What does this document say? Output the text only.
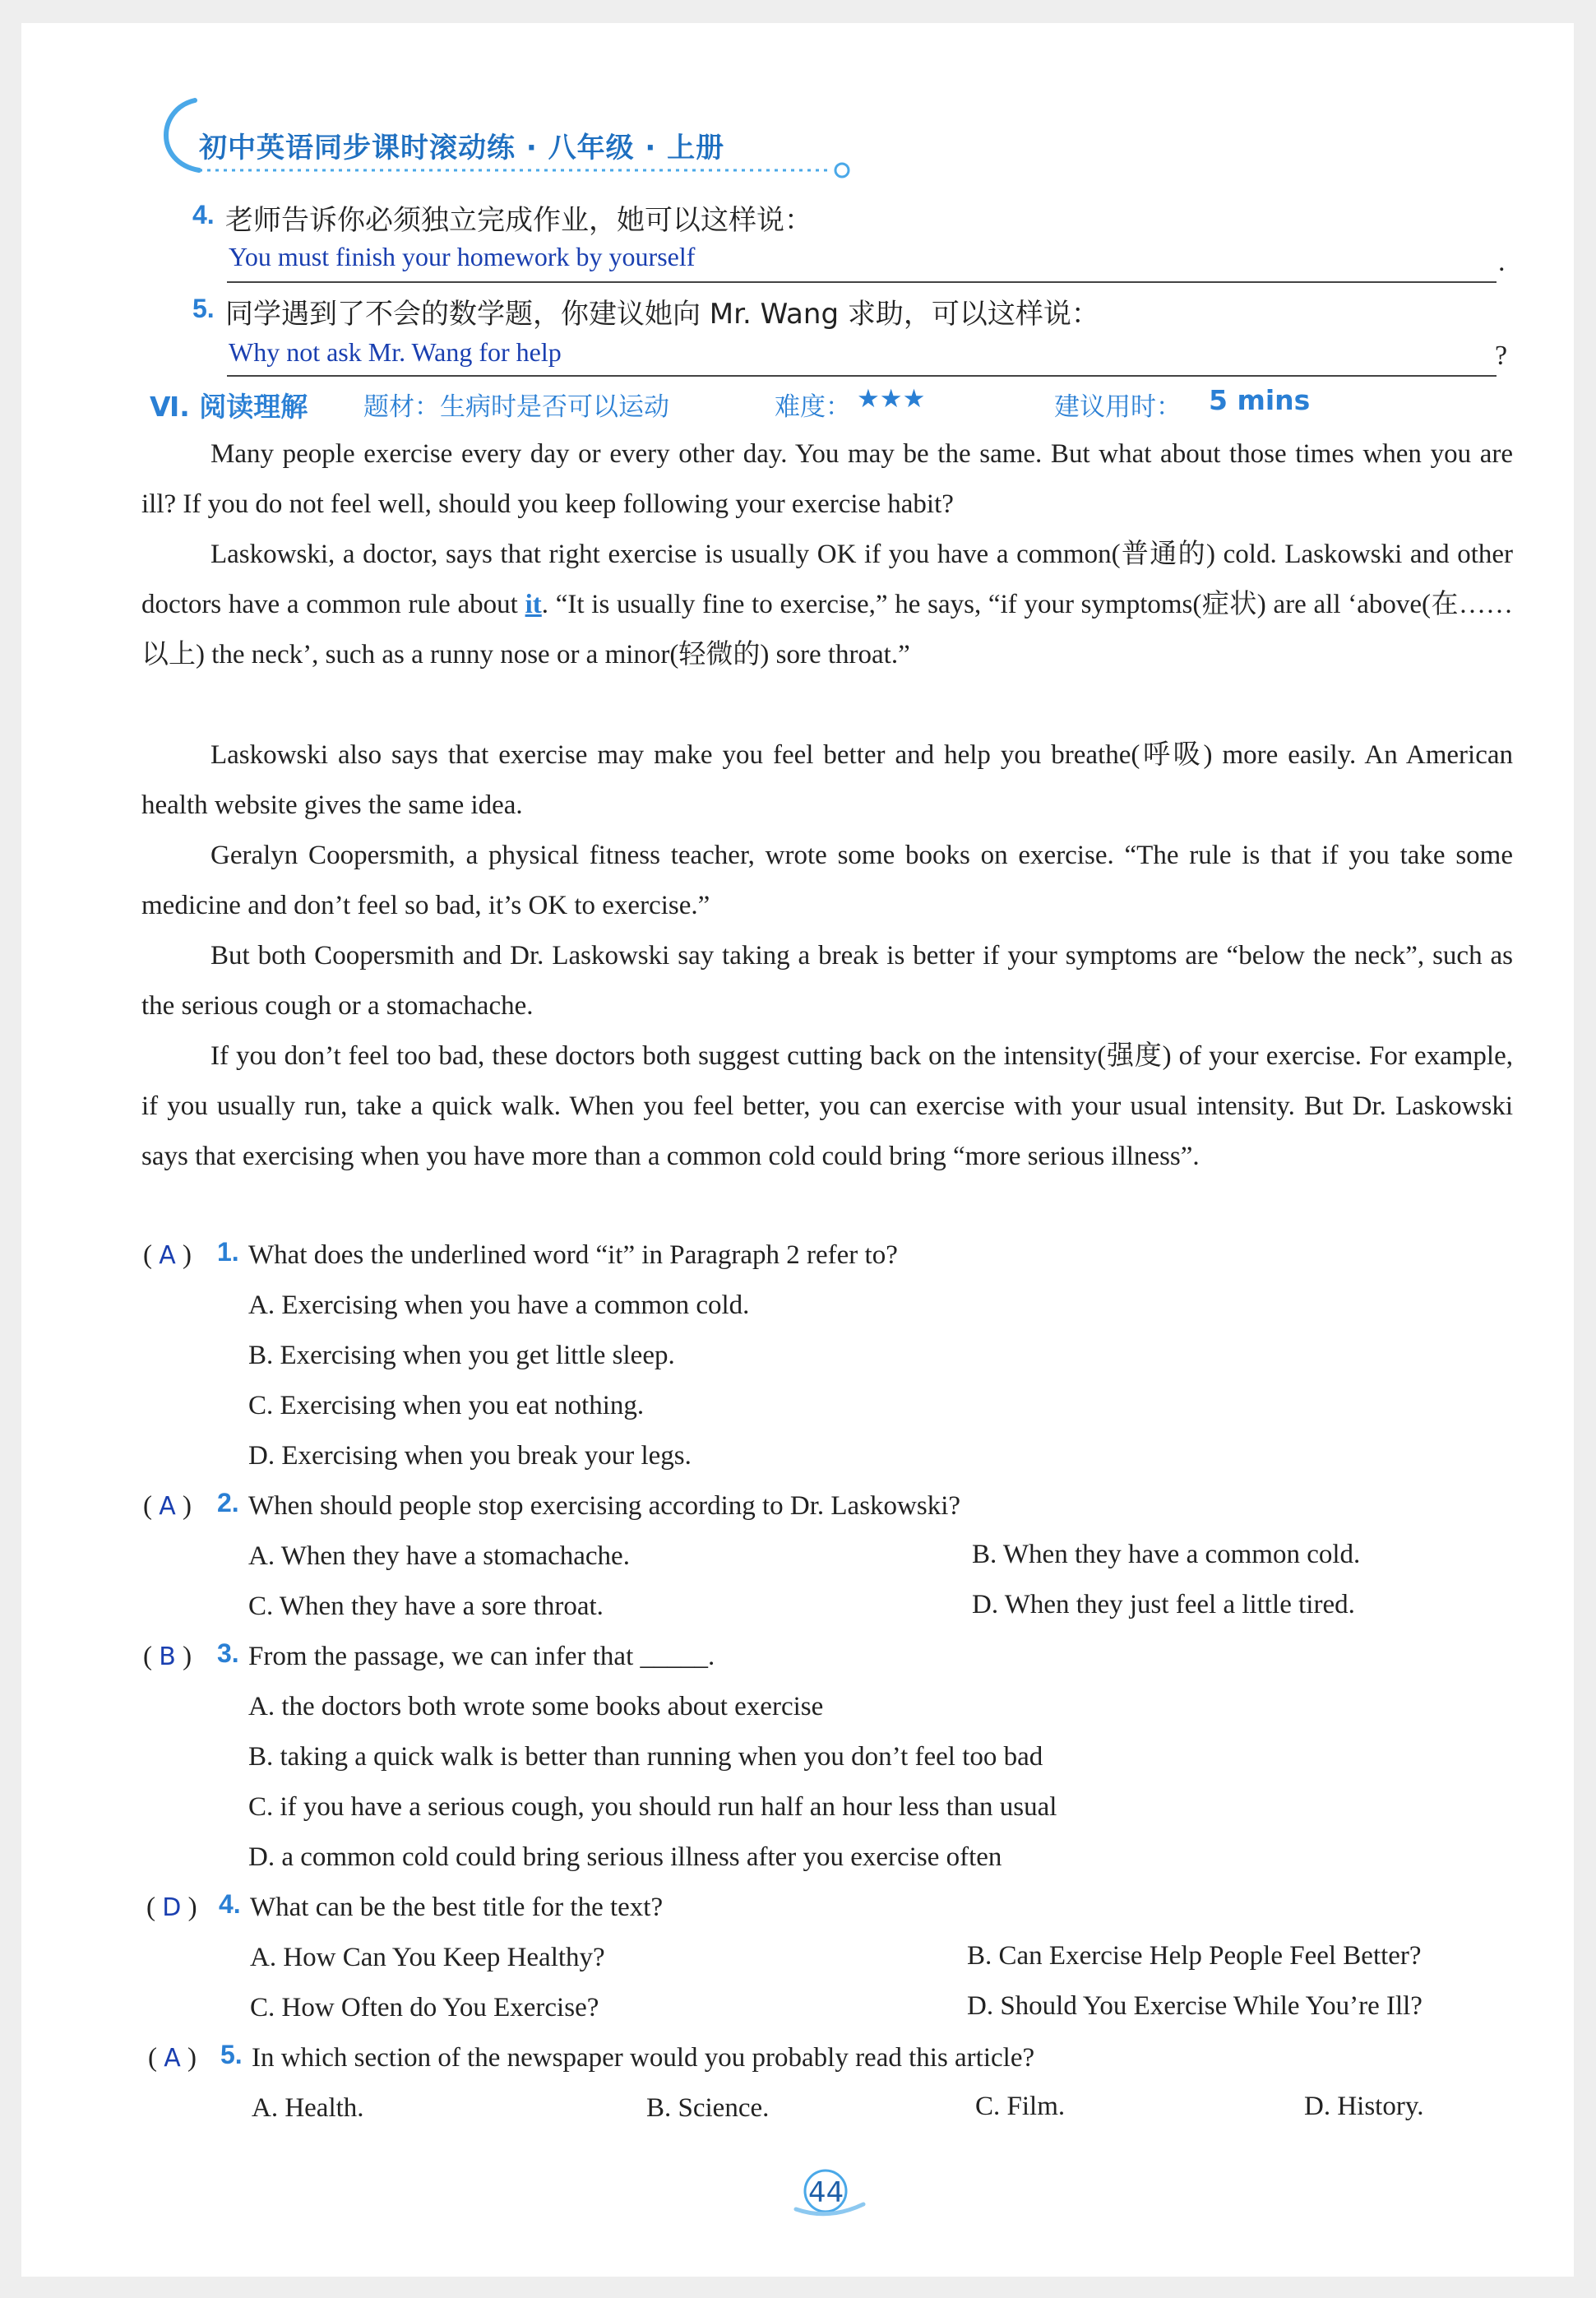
初中英语同步课时滚动练 · 八年级 · 上册
4. 老师告诉你必须独立完成作业，她可以这样说：
You must finish your homework by yourself	.
5. 同学遇到了不会的数学题，你建议她向 Mr. Wang 求助，可以这样说：
Why not ask Mr. Wang for help	?
Ⅵ. 阅读理解 题材：生病时是否可以运动	难度： ★★★	建议用时： 5 mins
Many people exercise every day or every other day. You may be the same. But what about those times when you are ill? If you do not feel well, should you keep following your exercise habit?
Laskowski, a doctor, says that right exercise is usually OK if you have a common(普通的) cold. Laskowski and other doctors have a common rule about it. “It is usually fine to exercise,” he says, “if your symptoms(症状) are all ‘above(在……以上) the neck’, such as a runny nose or a minor(轻微的) sore throat.”
Laskowski also says that exercise may make you feel better and help you breathe(呼吸) more easily. An American health website gives the same idea.
Geralyn Coopersmith, a physical fitness teacher, wrote some books on exercise. “The rule is that if you take some medicine and don’t feel so bad, it’s OK to exercise.”
But both Coopersmith and Dr. Laskowski say taking a break is better if your symptoms are “below the neck”, such as the serious cough or a stomachache.
If you don’t feel too bad, these doctors both suggest cutting back on the intensity(强度) of your exercise. For example, if you usually run, take a quick walk. When you feel better, you can exercise with your usual intensity. But Dr. Laskowski says that exercising when you have more than a common cold could bring “more serious illness”.
( A ) 1. What does the underlined word “it” in Paragraph 2 refer to?
A. Exercising when you have a common cold.
B. Exercising when you get little sleep.
C. Exercising when you eat nothing.
D. Exercising when you break your legs.
( A ) 2. When should people stop exercising according to Dr. Laskowski?
A. When they have a stomachache.	B. When they have a common cold.
C. When they have a sore throat.	D. When they just feel a little tired.
( B ) 3. From the passage, we can infer that _____.
A. the doctors both wrote some books about exercise
B. taking a quick walk is better than running when you don’t feel too bad
C. if you have a serious cough, you should run half an hour less than usual
D. a common cold could bring serious illness after you exercise often
( D ) 4. What can be the best title for the text?
A. How Can You Keep Healthy?	B. Can Exercise Help People Feel Better?
C. How Often do You Exercise?	D. Should You Exercise While You’re Ill?
( A ) 5. In which section of the newspaper would you probably read this article?
A. Health.	B. Science.	C. Film.	D. History.
44
